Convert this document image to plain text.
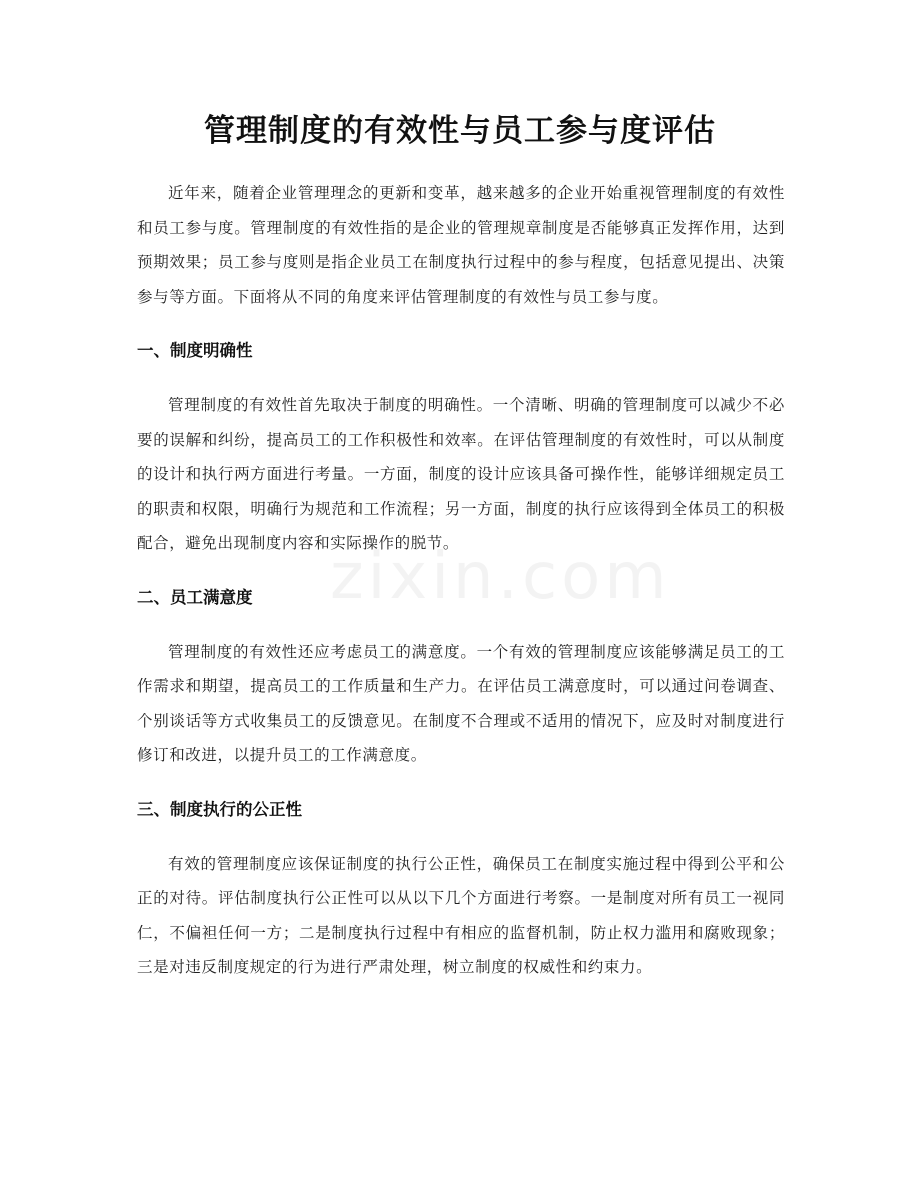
管理制度的有效性与员工参与度评估
zixin.com

近年来，随着企业管理理念的更新和变革，越来越多的企业开始重视管理制度的有效性和员工参与度。管理制度的有效性指的是企业的管理规章制度是否能够真正发挥作用，达到预期效果；员工参与度则是指企业员工在制度执行过程中的参与程度，包括意见提出、决策参与等方面。下面将从不同的角度来评估管理制度的有效性与员工参与度。

一、制度明确性

管理制度的有效性首先取决于制度的明确性。一个清晰、明确的管理制度可以减少不必要的误解和纠纷，提高员工的工作积极性和效率。在评估管理制度的有效性时，可以从制度的设计和执行两方面进行考量。一方面，制度的设计应该具备可操作性，能够详细规定员工的职责和权限，明确行为规范和工作流程；另一方面，制度的执行应该得到全体员工的积极配合，避免出现制度内容和实际操作的脱节。

二、员工满意度

管理制度的有效性还应考虑员工的满意度。一个有效的管理制度应该能够满足员工的工作需求和期望，提高员工的工作质量和生产力。在评估员工满意度时，可以通过问卷调查、个别谈话等方式收集员工的反馈意见。在制度不合理或不适用的情况下，应及时对制度进行修订和改进，以提升员工的工作满意度。

三、制度执行的公正性

有效的管理制度应该保证制度的执行公正性，确保员工在制度实施过程中得到公平和公正的对待。评估制度执行公正性可以从以下几个方面进行考察。一是制度对所有员工一视同仁，不偏袒任何一方；二是制度执行过程中有相应的监督机制，防止权力滥用和腐败现象；三是对违反制度规定的行为进行严肃处理，树立制度的权威性和约束力。
